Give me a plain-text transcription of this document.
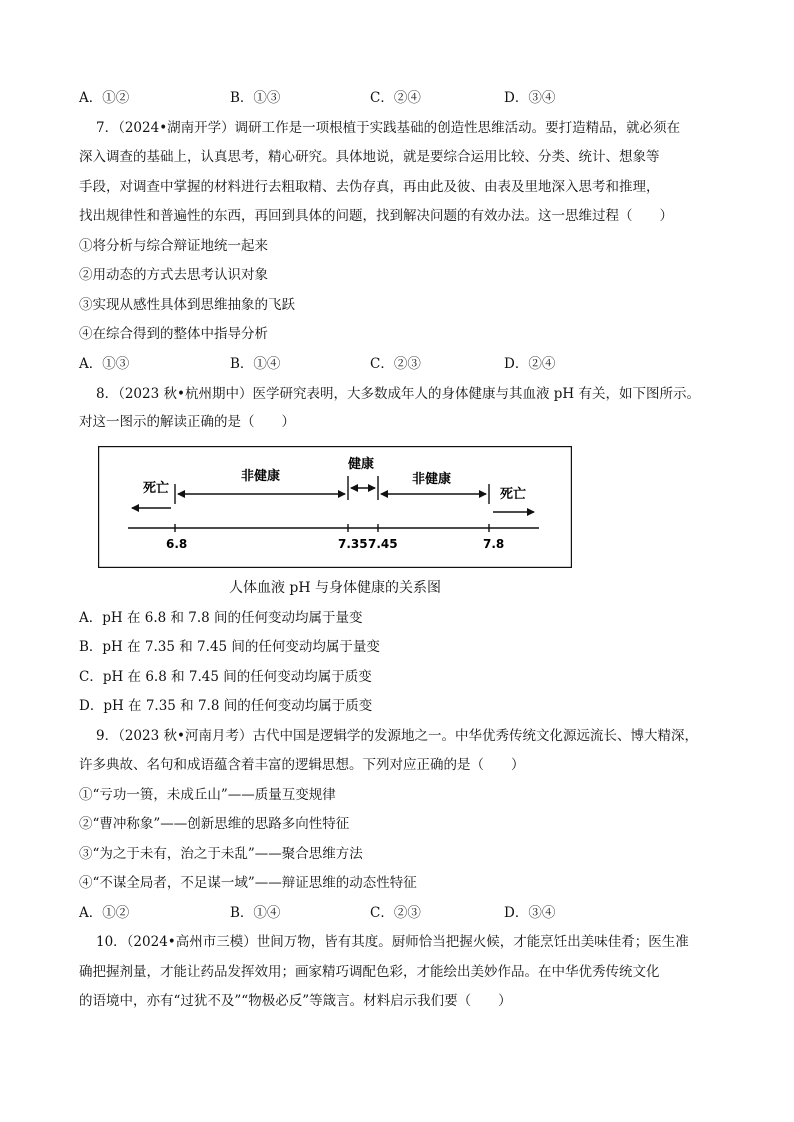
A．①②	B．①③	C．②④	D．③④
7．（2024•湖南开学）调研工作是一项根植于实践基础的创造性思维活动。要打造精品，就必须在
深入调查的基础上，认真思考，精心研究。具体地说，就是要综合运用比较、分类、统计、想象等
手段，对调查中掌握的材料进行去粗取精、去伪存真，再由此及彼、由表及里地深入思考和推理，
找出规律性和普遍性的东西，再回到具体的问题，找到解决问题的有效办法。这一思维过程（　　）
①将分析与综合辩证地统一起来
②用动态的方式去思考认识对象
③实现从感性具体到思维抽象的飞跃
④在综合得到的整体中指导分析
A．①③	B．①④	C．②③	D．②④
8．（2023 秋•杭州期中）医学研究表明，大多数成年人的身体健康与其血液 pH 有关，如下图所示。
对这一图示的解读正确的是（　　）
死亡
非健康
健康
非健康
死亡
6.8	7.35 7.45	7.8
人体血液 pH 与身体健康的关系图
A．pH 在 6.8 和 7.8 间的任何变动均属于量变
B．pH 在 7.35 和 7.45 间的任何变动均属于量变
C．pH 在 6.8 和 7.45 间的任何变动均属于质变
D．pH 在 7.35 和 7.8 间的任何变动均属于质变
9．（2023 秋•河南月考）古代中国是逻辑学的发源地之一。中华优秀传统文化源远流长、博大精深，
许多典故、名句和成语蕴含着丰富的逻辑思想。下列对应正确的是（　　）
①“亏功一篑，未成丘山”——质量互变规律
②“曹冲称象”——创新思维的思路多向性特征
③“为之于未有，治之于未乱”——聚合思维方法
④“不谋全局者，不足谋一域”——辩证思维的动态性特征
A．①②	B．①④	C．②③	D．③④
10．（2024•高州市三模）世间万物，皆有其度。厨师恰当把握火候，才能烹饪出美味佳肴；医生准
确把握剂量，才能让药品发挥效用；画家精巧调配色彩，才能绘出美妙作品。在中华优秀传统文化
的语境中，亦有“过犹不及”“物极必反”等箴言。材料启示我们要（　　）
